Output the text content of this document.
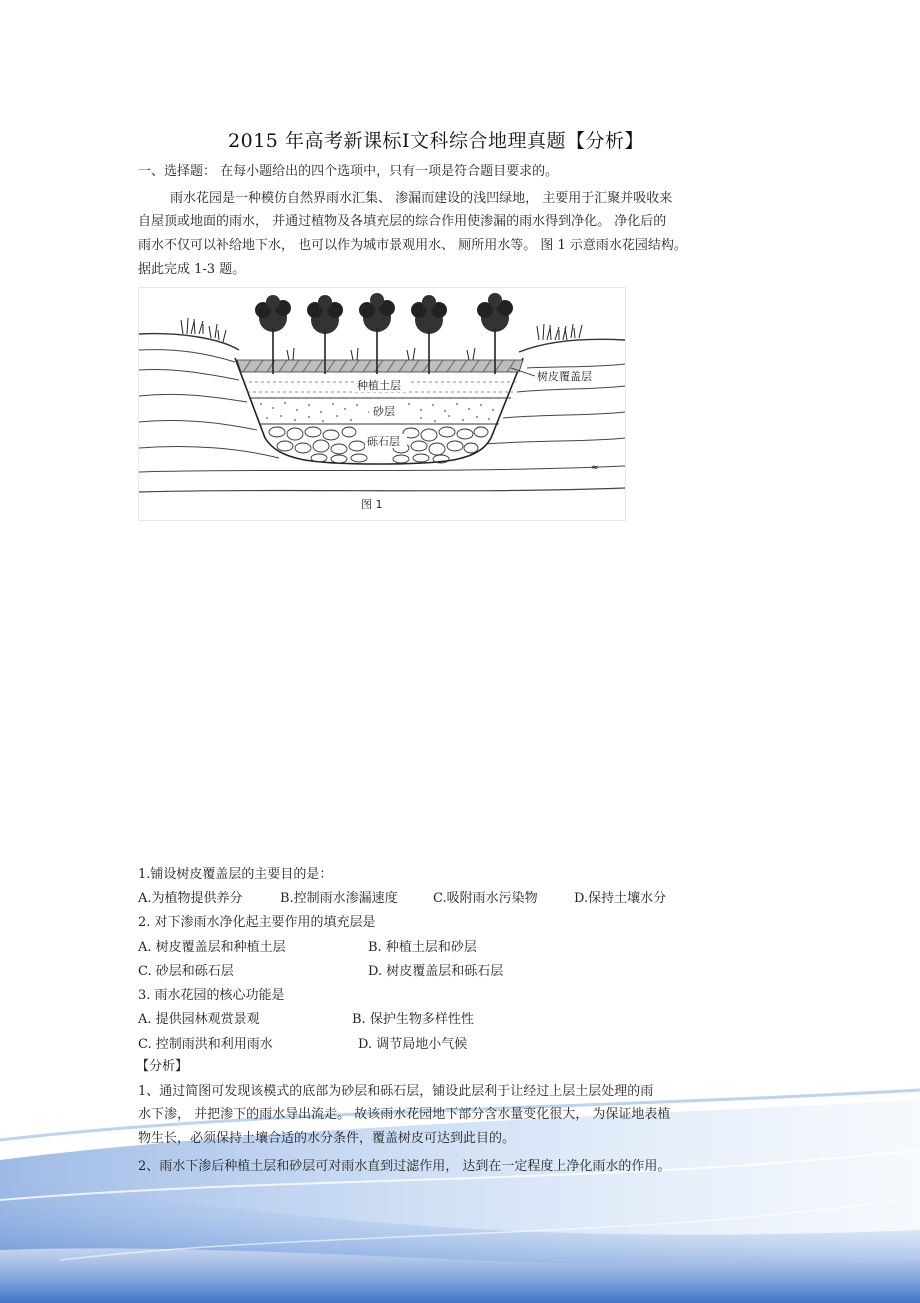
2015 年高考新课标Ⅰ文科综合地理真题【分析】
一、选择题： 在每小题给出的四个选项中，只有一项是符合题目要求的。
雨水花园是一种模仿自然界雨水汇集、 渗漏而建设的浅凹绿地， 主要用于汇聚并吸收来
自屋顶或地面的雨水， 并通过植物及各填充层的综合作用使渗漏的雨水得到净化。 净化后的
雨水不仅可以补给地下水， 也可以作为城市景观用水、 厕所用水等。 图 1 示意雨水花园结构。
据此完成 1-3 题。
种植土层
树皮覆盖层
砂层
砾石层
≈
图 1
1.铺设树皮覆盖层的主要目的是：
A.为植物提供养分	B.控制雨水渗漏速度	C.吸附雨水污染物	D.保持土壤水分
2. 对下渗雨水净化起主要作用的填充层是
A. 树皮覆盖层和种植土层	B. 种植土层和砂层
C. 砂层和砾石层	D. 树皮覆盖层和砾石层
3. 雨水花园的核心功能是
A. 提供园林观赏景观	B. 保护生物多样性性
C. 控制雨洪和利用雨水	D. 调节局地小气候
【分析】
1、通过简图可发现该模式的底部为砂层和砾石层，铺设此层利于让经过上层土层处理的雨
水下渗， 并把渗下的雨水导出流走。 故该雨水花园地下部分含水量变化很大， 为保证地表植
物生长，必须保持土壤合适的水分条件，覆盖树皮可达到此目的。
2、雨水下渗后种植土层和砂层可对雨水直到过滤作用， 达到在一定程度上净化雨水的作用。
